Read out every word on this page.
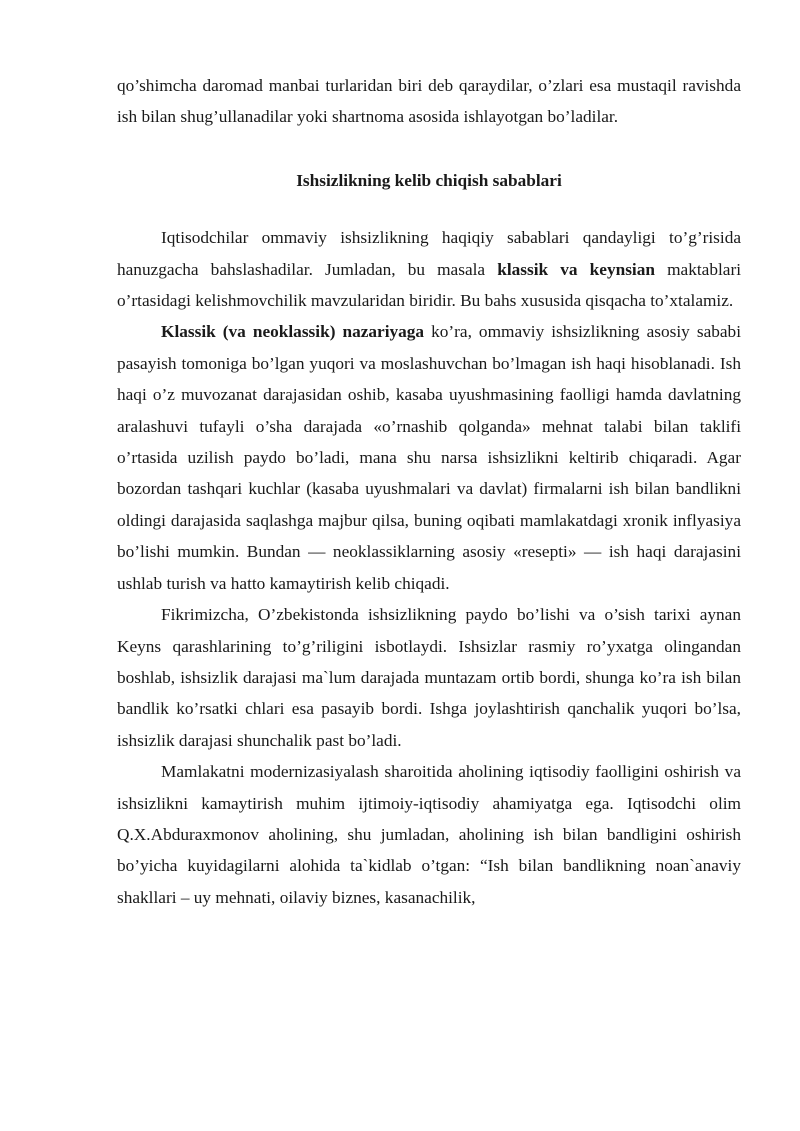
qo’shimcha daromad manbai turlaridan biri deb qaraydilar, o’zlari esa mustaqil ravishda ish bilan shug’ullanadilar yoki shartnoma asosida ishlayotgan bo’ladilar.

Ishsizlikning kelib chiqish sabablari

Iqtisodchilar ommaviy ishsizlikning haqiqiy sabablari qandayligi to’g’risida hanuzgacha bahslashadilar. Jumladan, bu masala klassik va keynsian maktablari o’rtasidagi kelishmovchilik mavzularidan biridir. Bu bahs xususida qisqacha to’xtalamiz.

Klassik (va neoklassik) nazariyaga ko’ra, ommaviy ishsizlikning asosiy sababi pasayish tomoniga bo’lgan yuqori va moslashuvchan bo’lmagan ish haqi hisoblanadi. Ish haqi o’z muvozanat darajasidan oshib, kasaba uyushmasining faolligi hamda davlatning aralashuvi tufayli o’sha darajada «o’rnashib qolganda» mehnat talabi bilan taklifi o’rtasida uzilish paydo bo’ladi, mana shu narsa ishsizlikni keltirib chiqaradi. Agar bozordan tashqari kuchlar (kasaba uyushmalari va davlat) firmalarni ish bilan bandlikni oldingi darajasida saqlashga majbur qilsa, buning oqibati mamlakatdagi xronik inflyasiya bo’lishi mumkin. Bundan — neoklassiklarning asosiy «resepti» — ish haqi darajasini ushlab turish va hatto kamaytirish kelib chiqadi.

Fikrimizcha, O’zbekistonda ishsizlikning paydo bo’lishi va o’sish tarixi aynan Keyns qarashlarining to’g’riligini isbotlaydi. Ishsizlar rasmiy ro’yxatga olingandan boshlab, ishsizlik darajasi ma`lum darajada muntazam ortib bordi, shunga ko’ra ish bilan bandlik ko’rsatki chlari esa pasayib bordi. Ishga joylashtirish qanchalik yuqori bo’lsa, ishsizlik darajasi shunchalik past bo’ladi.

Mamlakatni modernizasiyalash sharoitida aholining iqtisodiy faolligini oshirish va ishsizlikni kamaytirish muhim ijtimoiy-iqtisodiy ahamiyatga ega. Iqtisodchi olim Q.X.Abduraxmonov aholining, shu jumladan, aholining ish bilan bandligini oshirish bo’yicha kuyidagilarni alohida ta`kidlab o’tgan: “Ish bilan bandlikning noan`anaviy shakllari – uy mehnati, oilaviy biznes, kasanachilik,
